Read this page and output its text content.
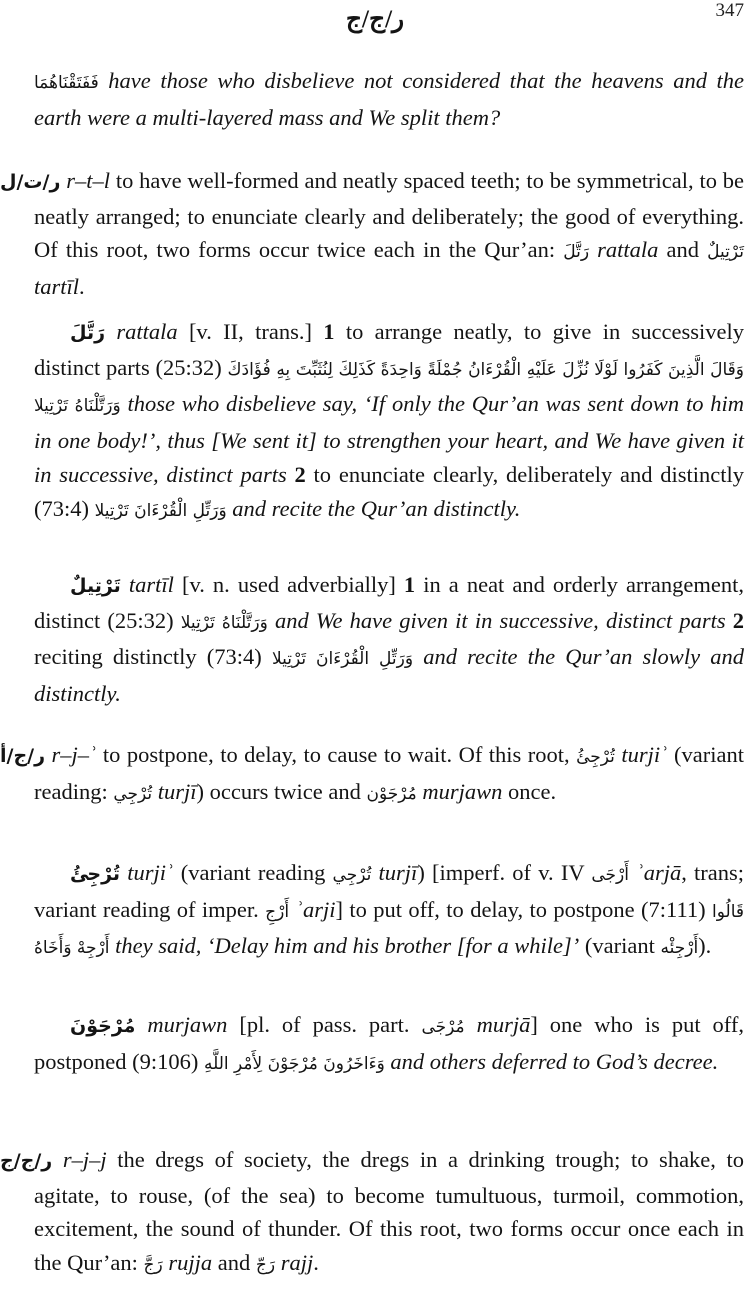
ر/ج/ج	347

فَفَتَقْنَاهُمَا have those who disbelieve not considered that the heavens and the earth were a multi-layered mass and We split them?

ر/ت/ل r–t–l to have well-formed and neatly spaced teeth; to be symmetrical, to be neatly arranged; to enunciate clearly and deliberately; the good of everything. Of this root, two forms occur twice each in the Qur’an: رَتَّلَ rattala and تَرْتِيلٌ tartīl.

رَتَّلَ rattala [v. II, trans.] 1 to arrange neatly, to give in successively distinct parts (25:32) وَقَالَ الَّذِينَ كَفَرُوا لَوْلَا نُزِّلَ عَلَيْهِ الْقُرْءَانُ جُمْلَةً وَاحِدَةً كَذَلِكَ لِنُثَبِّتَ بِهِ فُؤَادَكَ وَرَتَّلْنَاهُ تَرْتِيلا those who disbelieve say, ‘If only the Qur’an was sent down to him in one body!’, thus [We sent it] to strengthen your heart, and We have given it in successive, distinct parts 2 to enunciate clearly, deliberately and distinctly (73:4) وَرَتِّلِ الْقُرْءَانَ تَرْتِيلا and recite the Qur’an distinctly.

تَرْتِيلٌ tartīl [v. n. used adverbially] 1 in a neat and orderly arrangement, distinct (25:32) وَرَتَّلْنَاهُ تَرْتِيلا and We have given it in successive, distinct parts 2 reciting distinctly (73:4) وَرَتِّلِ الْقُرْءَانَ تَرْتِيلا and recite the Qur’an slowly and distinctly.

ر/ج/أ r–j–ʾ to postpone, to delay, to cause to wait. Of this root, تُرْجِئُ turjiʾ (variant reading: تُرْجِي turjī) occurs twice and مُرْجَوْن murjawn once.

تُرْجِئُ turjiʾ (variant reading تُرْجِي turjī) [imperf. of v. IV أَرْجَى ʾarjā, trans; variant reading of imper. أَرْجِ ʾarji] to put off, to delay, to postpone (7:111) قَالُوا أَرْجِهْ وَأَخَاهُ they said, ‘Delay him and his brother [for a while]’ (variant أَرْجِئْه).

مُرْجَوْنَ murjawn [pl. of pass. part. مُرْجَى murjā] one who is put off, postponed (9:106) وَءَاخَرُونَ مُرْجَوْنَ لِأَمْرِ اللَّهِ and others deferred to God’s decree.

ر/ج/ج r–j–j the dregs of society, the dregs in a drinking trough; to shake, to agitate, to rouse, (of the sea) to become tumultuous, turmoil, commotion, excitement, the sound of thunder. Of this root, two forms occur once each in the Qur’an: رَجَّ rujja and رَجّ rajj.
